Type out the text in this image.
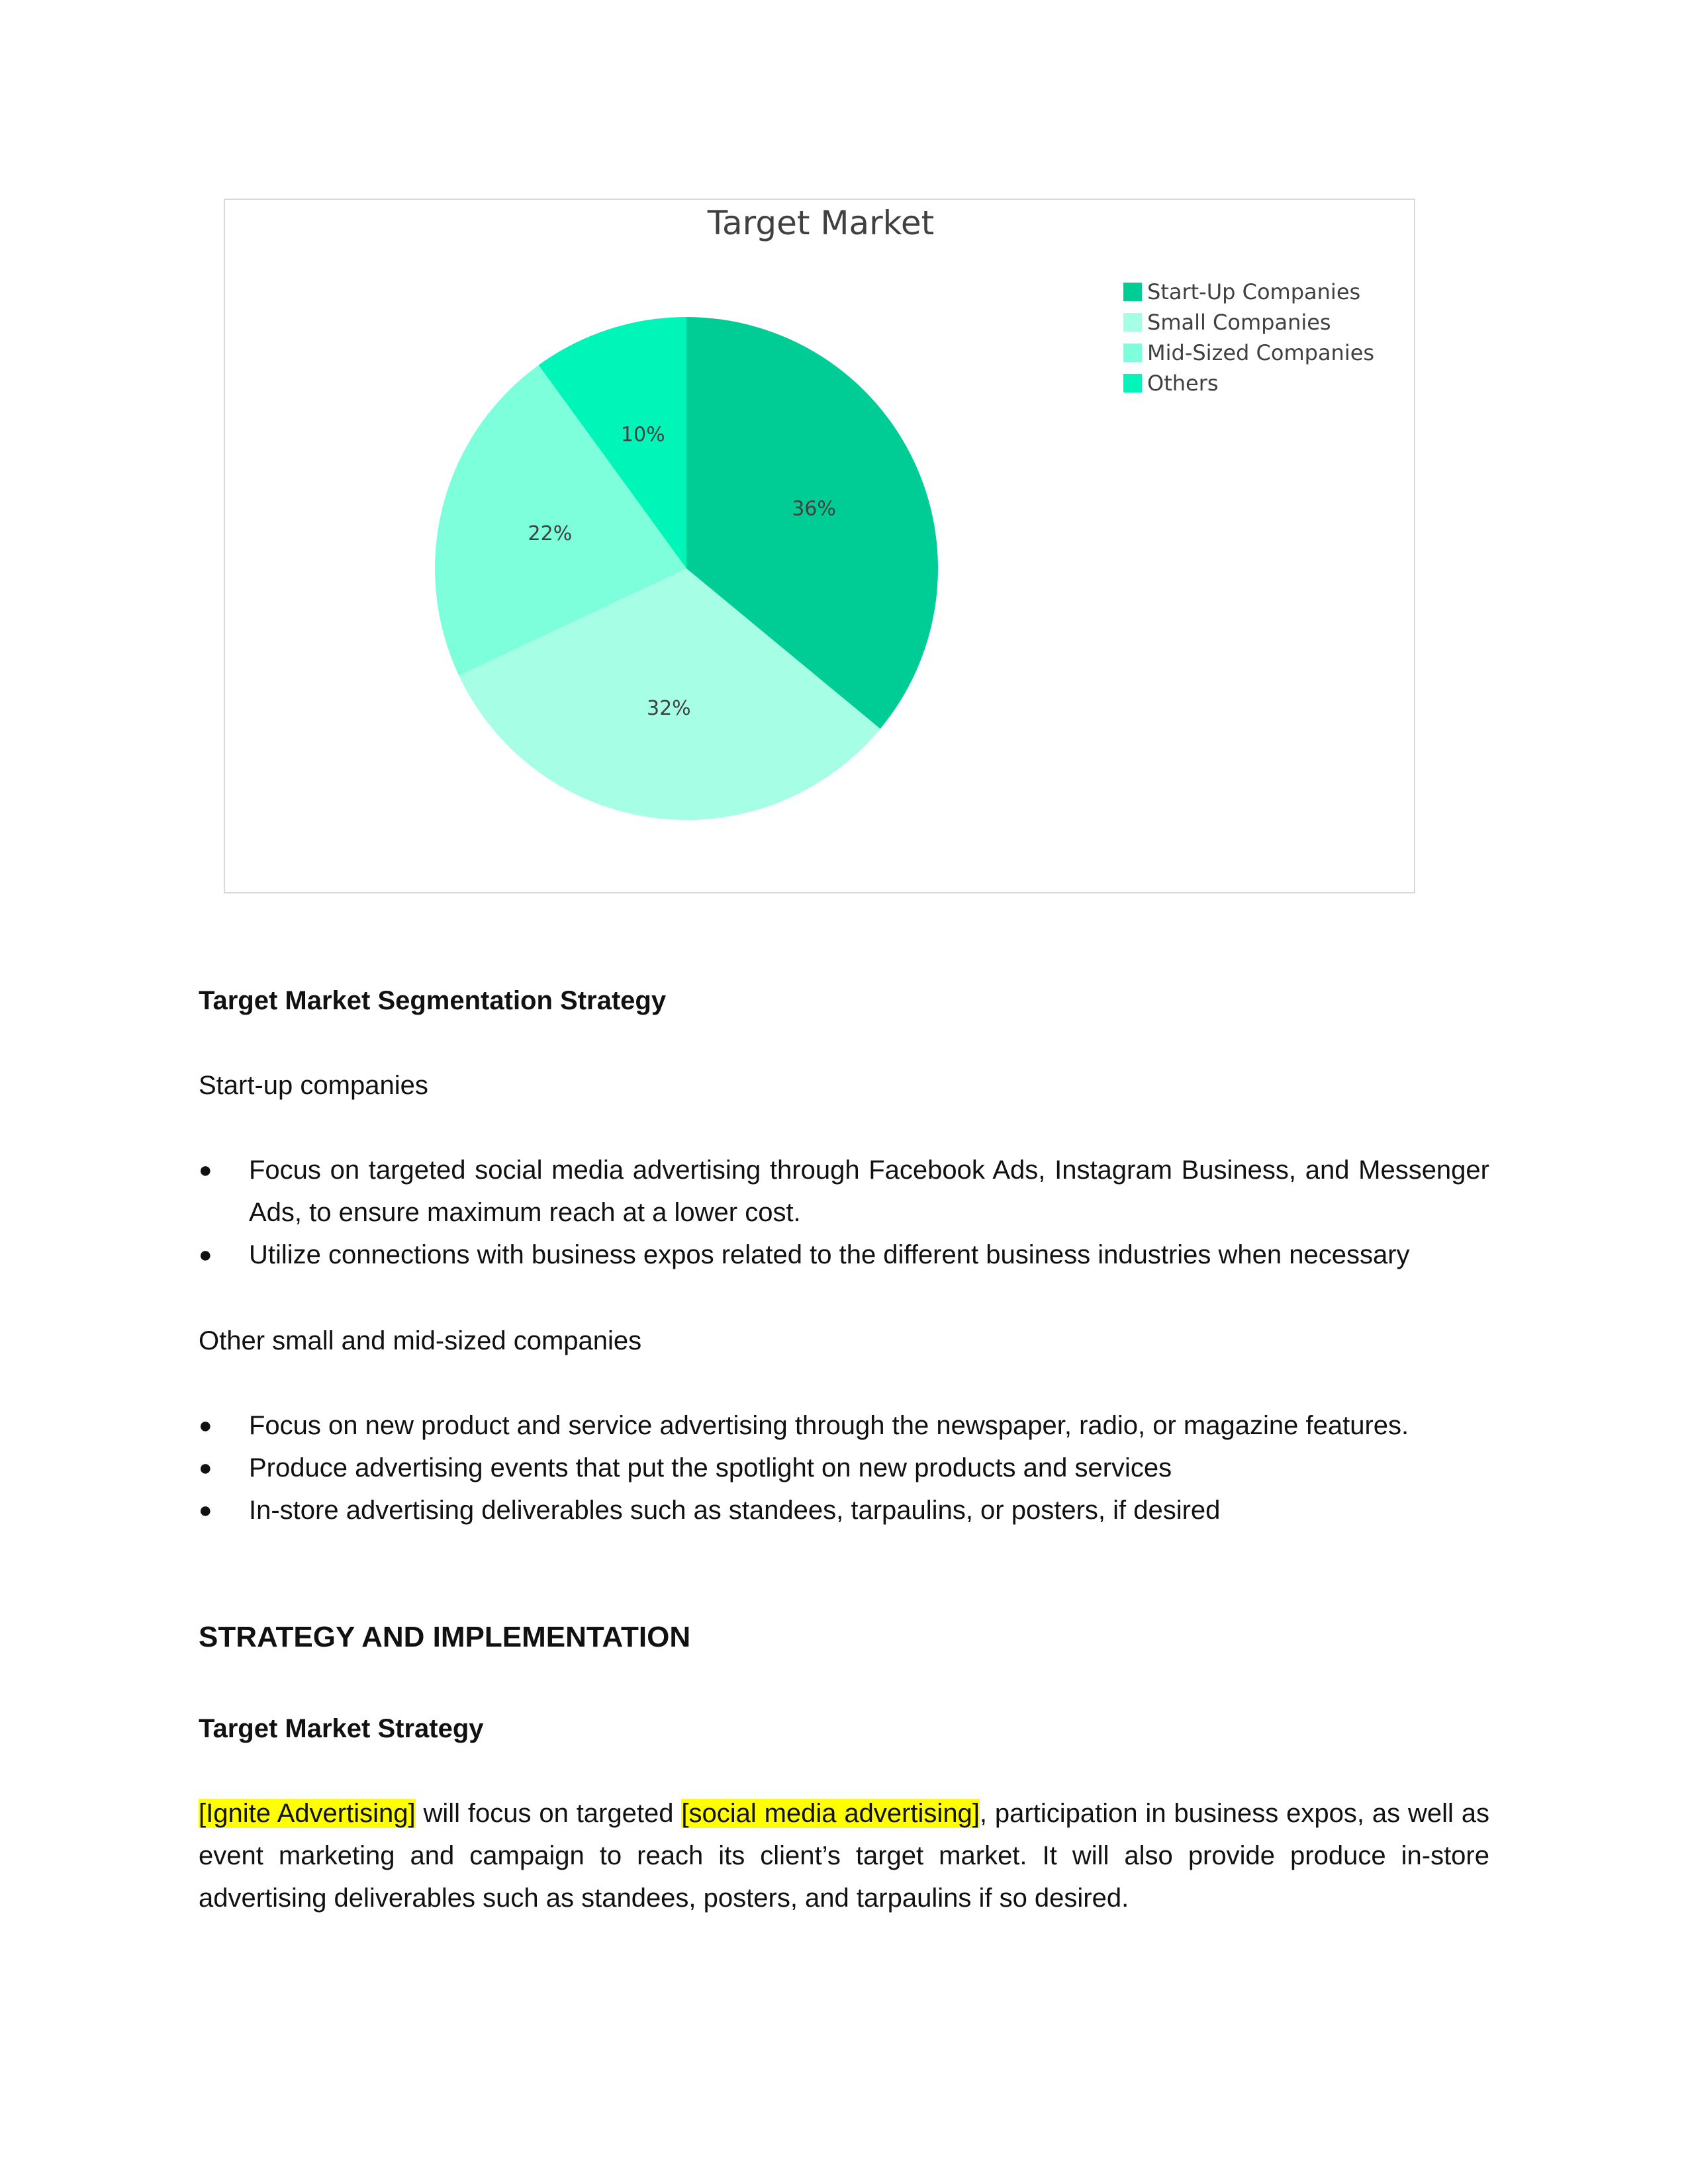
Target Market
36%
32%
22%
10%
Start-Up Companies
Small Companies
Mid-Sized Companies
Others

Target Market Segmentation Strategy

Start-up companies

● Focus on targeted social media advertising through Facebook Ads, Instagram Business, and Messenger Ads, to ensure maximum reach at a lower cost.
● Utilize connections with business expos related to the different business industries when necessary

Other small and mid-sized companies

● Focus on new product and service advertising through the newspaper, radio, or magazine features.
● Produce advertising events that put the spotlight on new products and services
● In-store advertising deliverables such as standees, tarpaulins, or posters, if desired

STRATEGY AND IMPLEMENTATION

Target Market Strategy

[Ignite Advertising] will focus on targeted [social media advertising], participation in business expos, as well as event marketing and campaign to reach its client’s target market. It will also provide produce in-store advertising deliverables such as standees, posters, and tarpaulins if so desired.
